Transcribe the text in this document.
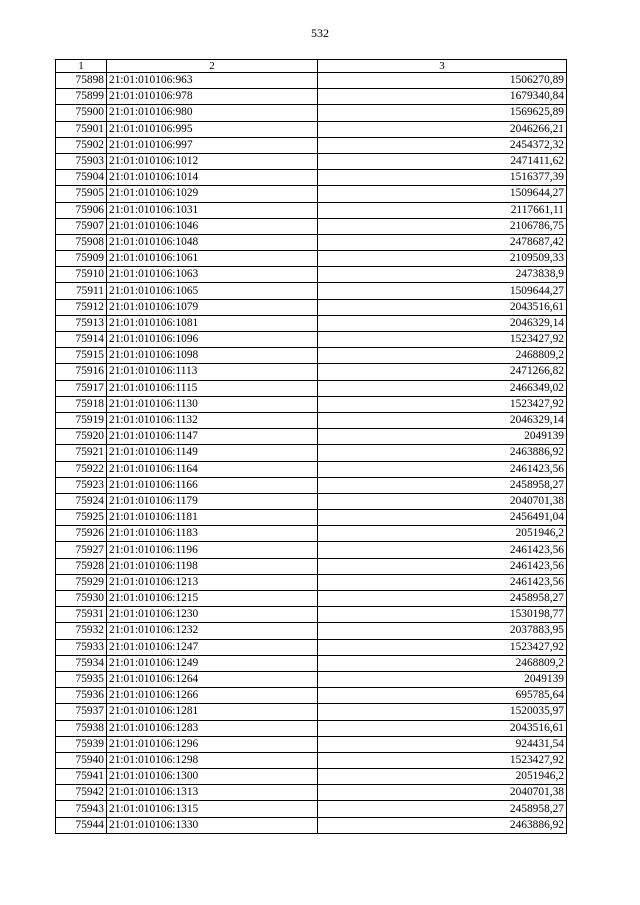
532
1	2	3
75898	21:01:010106:963	1506270,89
75899	21:01:010106:978	1679340,84
75900	21:01:010106:980	1569625,89
75901	21:01:010106:995	2046266,21
75902	21:01:010106:997	2454372,32
75903	21:01:010106:1012	2471411,62
75904	21:01:010106:1014	1516377,39
75905	21:01:010106:1029	1509644,27
75906	21:01:010106:1031	2117661,11
75907	21:01:010106:1046	2106786,75
75908	21:01:010106:1048	2478687,42
75909	21:01:010106:1061	2109509,33
75910	21:01:010106:1063	2473838,9
75911	21:01:010106:1065	1509644,27
75912	21:01:010106:1079	2043516,61
75913	21:01:010106:1081	2046329,14
75914	21:01:010106:1096	1523427,92
75915	21:01:010106:1098	2468809,2
75916	21:01:010106:1113	2471266,82
75917	21:01:010106:1115	2466349,02
75918	21:01:010106:1130	1523427,92
75919	21:01:010106:1132	2046329,14
75920	21:01:010106:1147	2049139
75921	21:01:010106:1149	2463886,92
75922	21:01:010106:1164	2461423,56
75923	21:01:010106:1166	2458958,27
75924	21:01:010106:1179	2040701,38
75925	21:01:010106:1181	2456491,04
75926	21:01:010106:1183	2051946,2
75927	21:01:010106:1196	2461423,56
75928	21:01:010106:1198	2461423,56
75929	21:01:010106:1213	2461423,56
75930	21:01:010106:1215	2458958,27
75931	21:01:010106:1230	1530198,77
75932	21:01:010106:1232	2037883,95
75933	21:01:010106:1247	1523427,92
75934	21:01:010106:1249	2468809,2
75935	21:01:010106:1264	2049139
75936	21:01:010106:1266	695785,64
75937	21:01:010106:1281	1520035,97
75938	21:01:010106:1283	2043516,61
75939	21:01:010106:1296	924431,54
75940	21:01:010106:1298	1523427,92
75941	21:01:010106:1300	2051946,2
75942	21:01:010106:1313	2040701,38
75943	21:01:010106:1315	2458958,27
75944	21:01:010106:1330	2463886,92
